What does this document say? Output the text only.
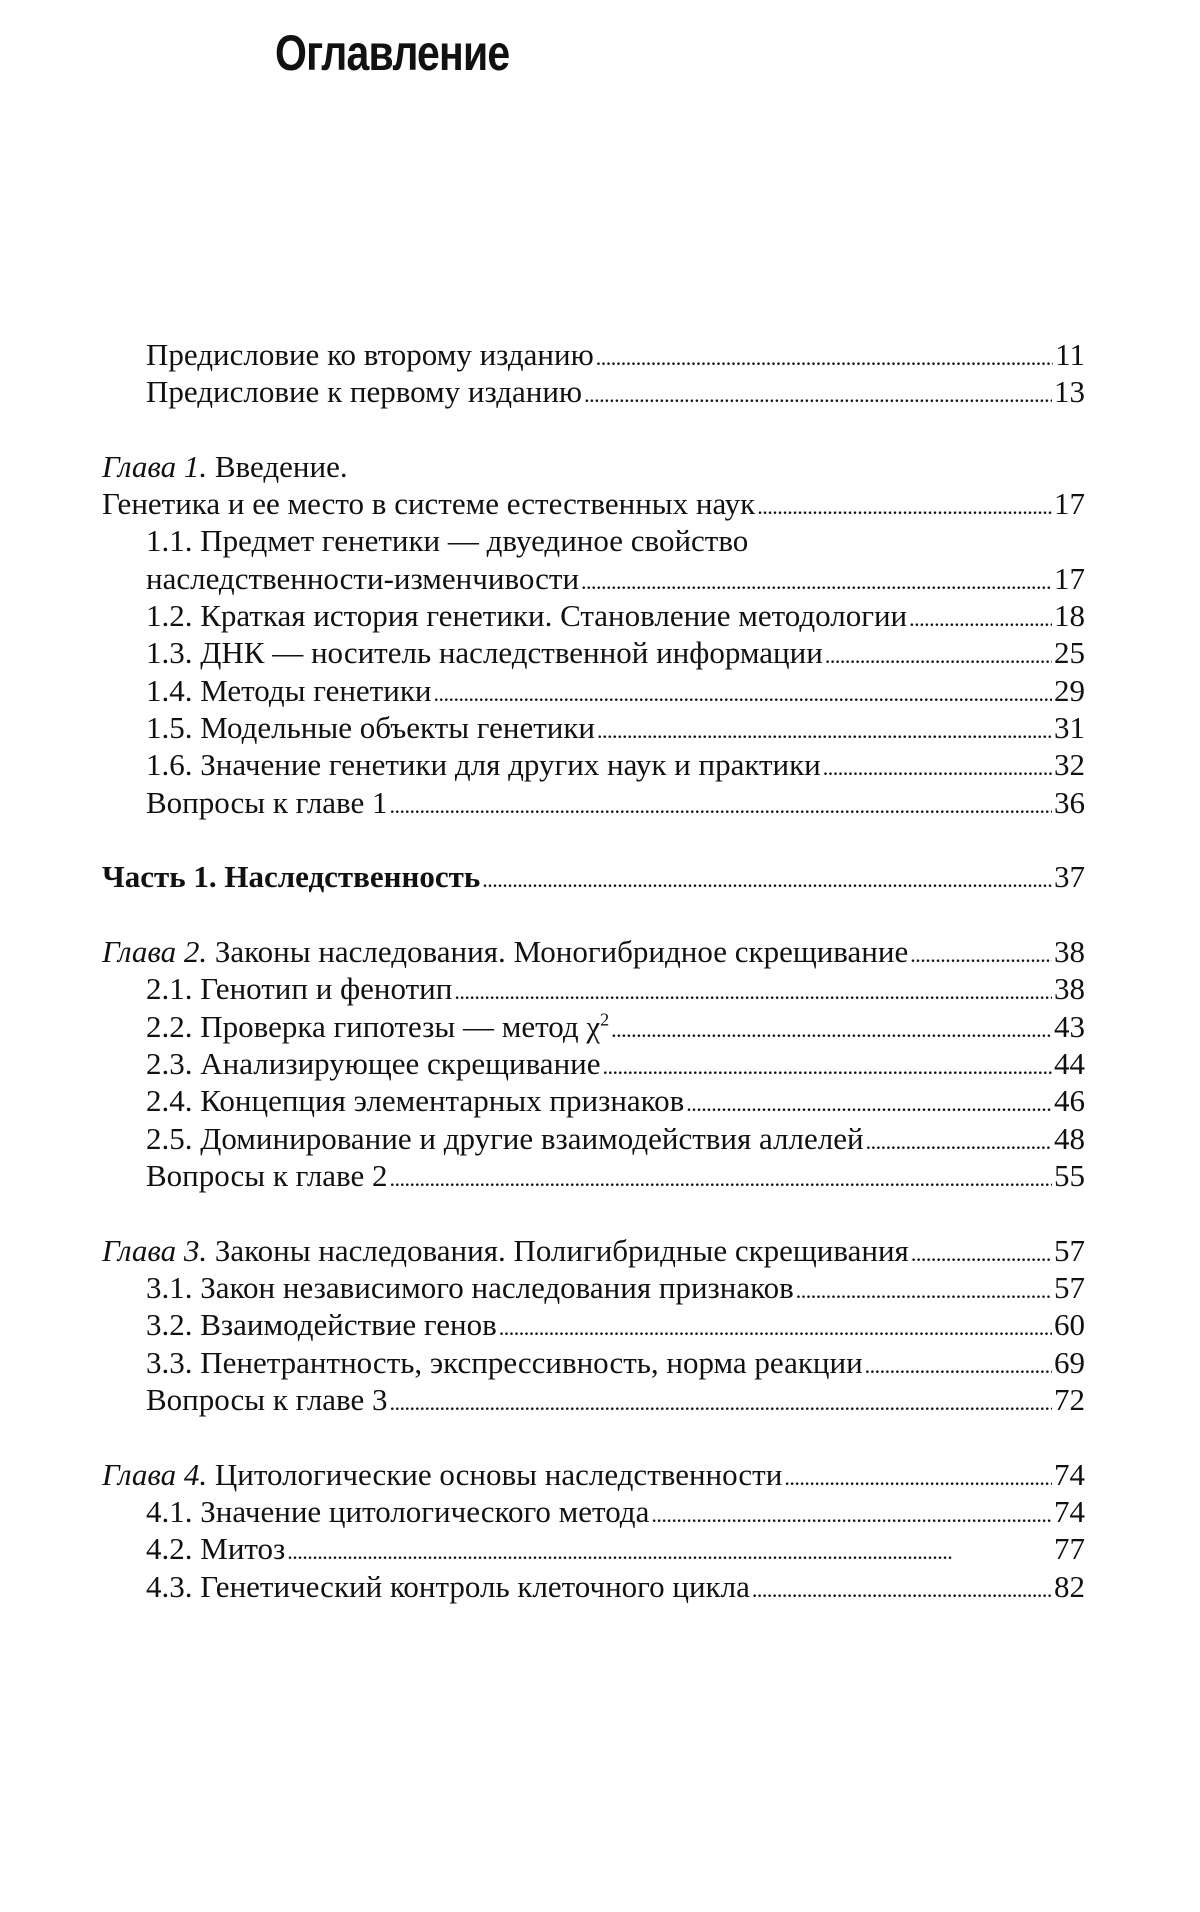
Оглавление
Предисловие ко второму изданию . . .	11
Предисловие к первому изданию . . .	13
Глава 1. Введение.
Генетика и ее место в системе естественных наук . . .	17
1.1. Предмет генетики — двуединое свойство
наследственности-изменчивости . . .	17
1.2. Краткая история генетики. Становление методологии . . .	18
1.3. ДНК — носитель наследственной информации . . .	25
1.4. Методы генетики . . .	29
1.5. Модельные объекты генетики . . .	31
1.6. Значение генетики для других наук и практики . . .	32
Вопросы к главе 1 . . .	36
Часть 1. Наследственность . . .	37
Глава 2. Законы наследования. Моногибридное скрещивание . . .	38
2.1. Генотип и фенотип . . .	38
2.2. Проверка гипотезы — метод $\chi^2$ . . .	43
2.3. Анализирующее скрещивание . . .	44
2.4. Концепция элементарных признаков . . .	46
2.5. Доминирование и другие взаимодействия аллелей . . .	48
Вопросы к главе 2 . . .	55
Глава 3. Законы наследования. Полигибридные скрещивания . . .	57
3.1. Закон независимого наследования признаков . . .	57
3.2. Взаимодействие генов . . .	60
3.3. Пенетрантность, экспрессивность, норма реакции . . .	69
Вопросы к главе 3 . . .	72
Глава 4. Цитологические основы наследственности . . .	74
4.1. Значение цитологического метода . . .	74
4.2. Митоз . . .	77
4.3. Генетический контроль клеточного цикла . . .	82
